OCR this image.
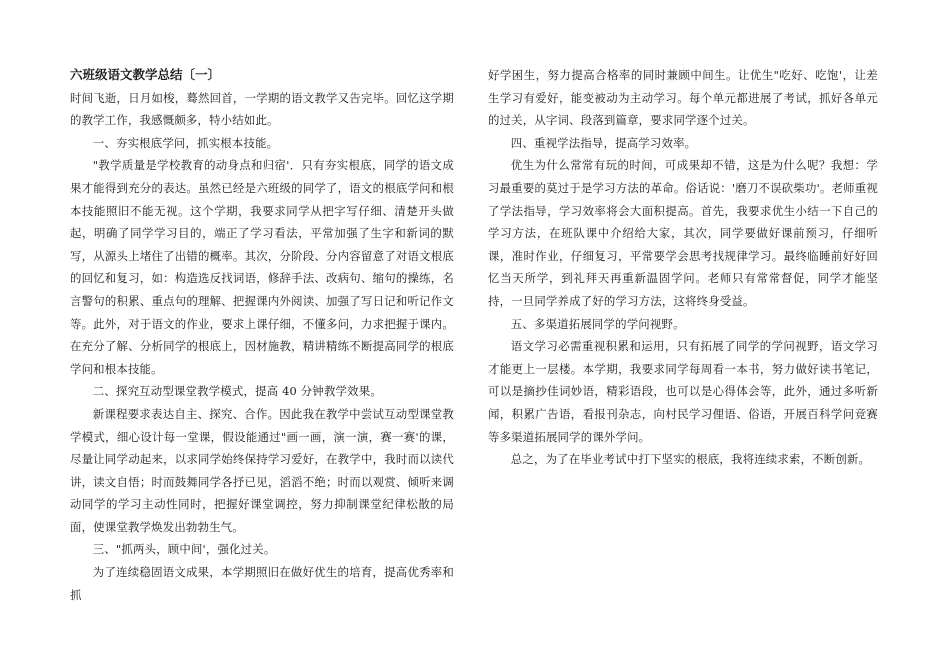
六班级语文教学总结〔一〕

时间飞逝，日月如梭，蓦然回首，一学期的语文教学又告完毕。回忆这学期的教学工作，我感慨颇多，特小结如此。

一、夯实根底学问，抓实根本技能。

"教学质量是学校教育的动身点和归宿'．只有夯实根底，同学的语文成果才能得到充分的表达。虽然已经是六班级的同学了，语文的根底学问和根本技能照旧不能无视。这个学期，我要求同学从把字写仔细、清楚开头做起，明确了同学学习目的，端正了学习看法，平常加强了生字和新词的默写，从源头上堵住了出错的概率。其次，分阶段、分内容留意了对语文根底的回忆和复习，如：构造选反找词语，修辞手法、改病句、缩句的操练，名言警句的积累、重点句的理解、把握课内外阅读、加强了写日记和听记作文等。此外，对于语文的作业，要求上课仔细，不懂多问，力求把握于课内。在充分了解、分析同学的根底上，因材施教，精讲精练不断提高同学的根底学问和根本技能。

二、探究互动型课堂教学模式，提高 40 分钟教学效果。

新课程要求表达自主、探究、合作。因此我在教学中尝试互动型课堂教学模式，细心设计每一堂课，假设能通过"画一画，演一演，赛一赛'的课，尽量让同学动起来，以求同学始终保持学习爱好，在教学中，我时而以读代讲，读文自悟；时而鼓舞同学各抒已见，滔滔不绝；时而以观赏、倾听来调动同学的学习主动性同时，把握好课堂调控，努力抑制课堂纪律松散的局面，使课堂教学焕发出勃勃生气。

三、"抓两头，顾中间'，强化过关。

为了连续稳固语文成果，本学期照旧在做好优生的培育，提高优秀率和抓

好学困生，努力提高合格率的同时兼顾中间生。让优生"吃好、吃饱'，让差生学习有爱好，能变被动为主动学习。每个单元都进展了考试，抓好各单元的过关，从字词、段落到篇章，要求同学逐个过关。

四、重视学法指导，提高学习效率。

优生为什么常常有玩的时间，可成果却不错，这是为什么呢？我想：学习最重要的莫过于是学习方法的革命。俗话说：'磨刀不误砍柴功'。老师重视了学法指导，学习效率将会大面积提高。首先，我要求优生小结一下自己的学习方法，在班队课中介绍给大家，其次，同学要做好课前预习，仔细听课，准时作业，仔细复习，平常要学会思考找规律学习。最终临睡前好好回忆当天所学，到礼拜天再重新温固学问。老师只有常常督促，同学才能坚持，一旦同学养成了好的学习方法，这将终身受益。

五、多渠道拓展同学的学问视野。

语文学习必需重视积累和运用，只有拓展了同学的学问视野，语文学习才能更上一层楼。本学期，我要求同学每周看一本书，努力做好读书笔记，可以是摘抄佳词妙语，精彩语段，也可以是心得体会等，此外，通过多听新闻，积累广告语，看报刊杂志，向村民学习俚语、俗语，开展百科学问竞赛等多渠道拓展同学的课外学问。

总之，为了在毕业考试中打下坚实的根底，我将连续求索，不断创新。
